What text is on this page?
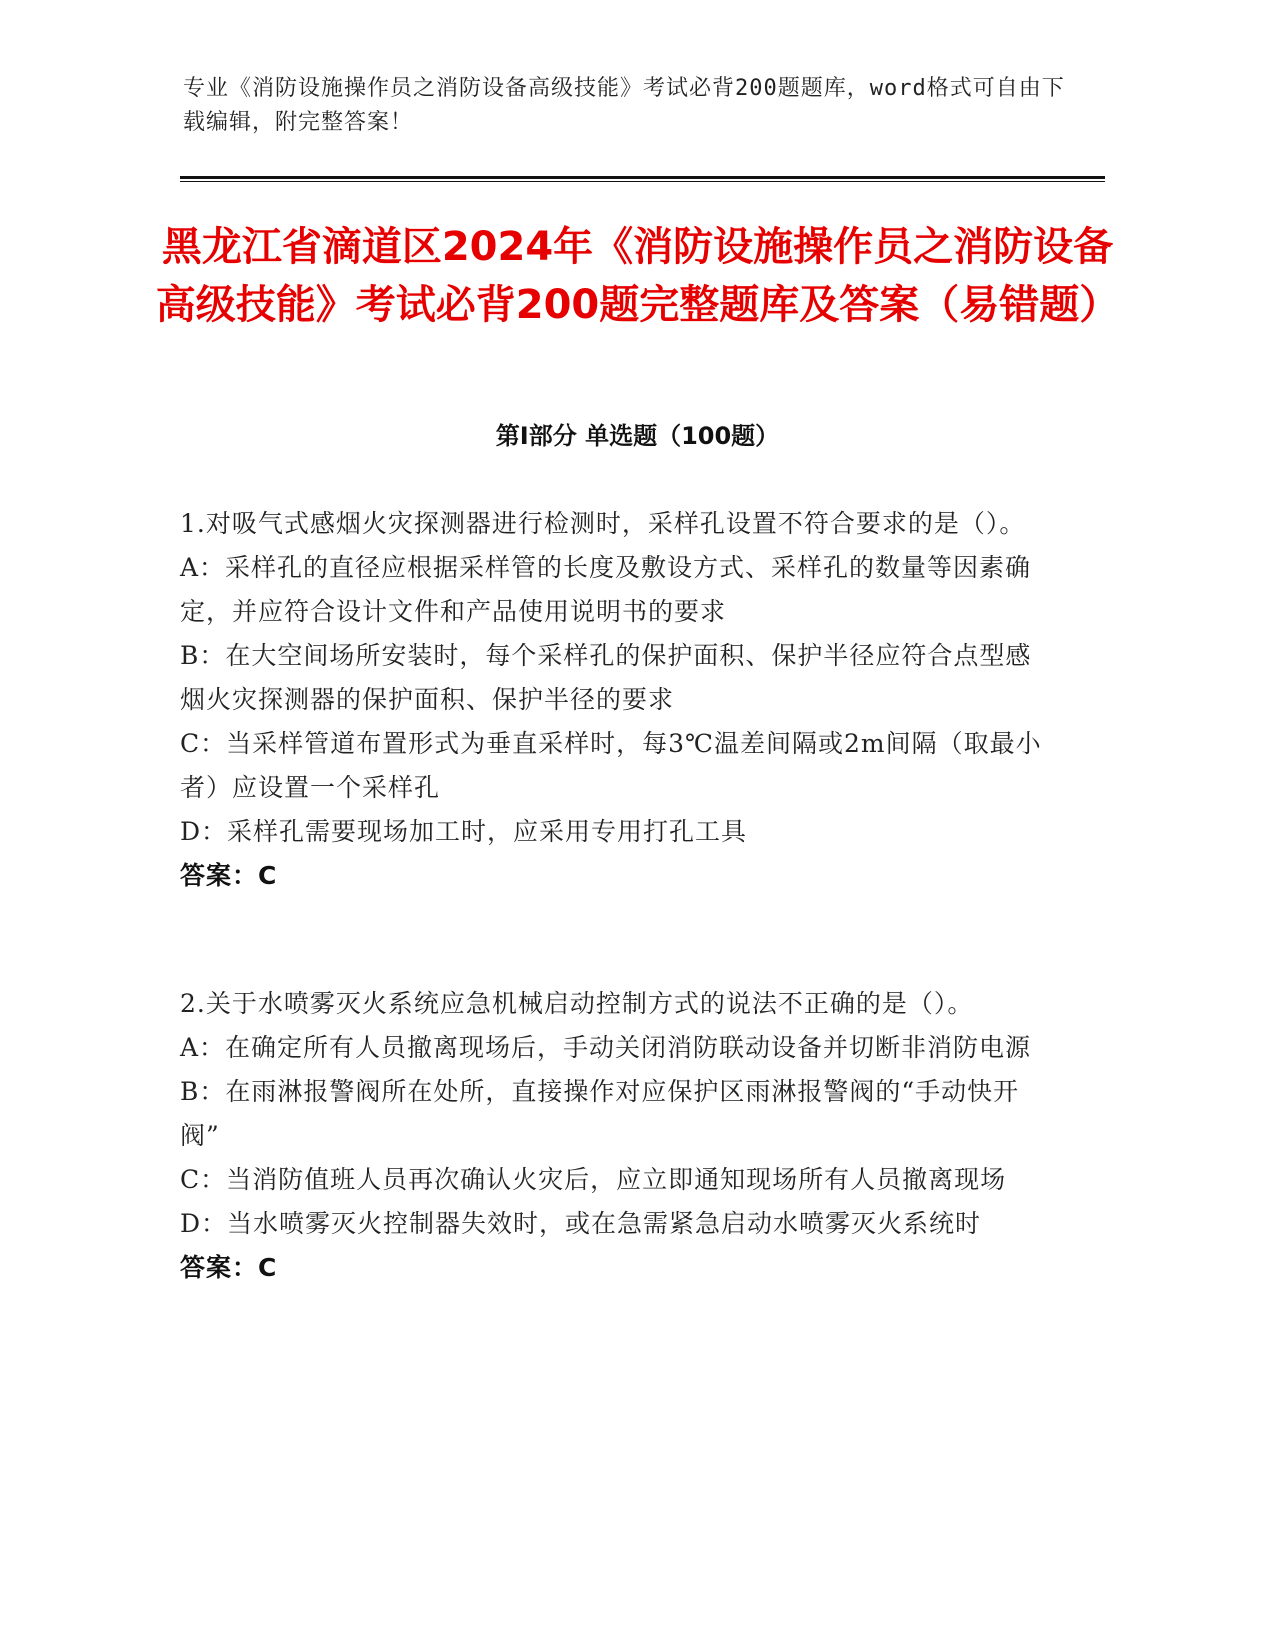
专业《消防设施操作员之消防设备高级技能》考试必背200题题库，word格式可自由下载编辑，附完整答案！
黑龙江省滴道区2024年《消防设施操作员之消防设备高级技能》考试必背200题完整题库及答案（易错题）
第I部分 单选题（100题）
1.对吸气式感烟火灾探测器进行检测时，采样孔设置不符合要求的是（）。
A：采样孔的直径应根据采样管的长度及敷设方式、采样孔的数量等因素确定，并应符合设计文件和产品使用说明书的要求
B：在大空间场所安装时，每个采样孔的保护面积、保护半径应符合点型感烟火灾探测器的保护面积、保护半径的要求
C：当采样管道布置形式为垂直采样时，每3℃温差间隔或2m间隔（取最小者）应设置一个采样孔
D：采样孔需要现场加工时，应采用专用打孔工具
答案：C
2.关于水喷雾灭火系统应急机械启动控制方式的说法不正确的是（）。
A：在确定所有人员撤离现场后，手动关闭消防联动设备并切断非消防电源
B：在雨淋报警阀所在处所，直接操作对应保护区雨淋报警阀的“手动快开阀”
C：当消防值班人员再次确认火灾后，应立即通知现场所有人员撤离现场
D：当水喷雾灭火控制器失效时，或在急需紧急启动水喷雾灭火系统时
答案：C
